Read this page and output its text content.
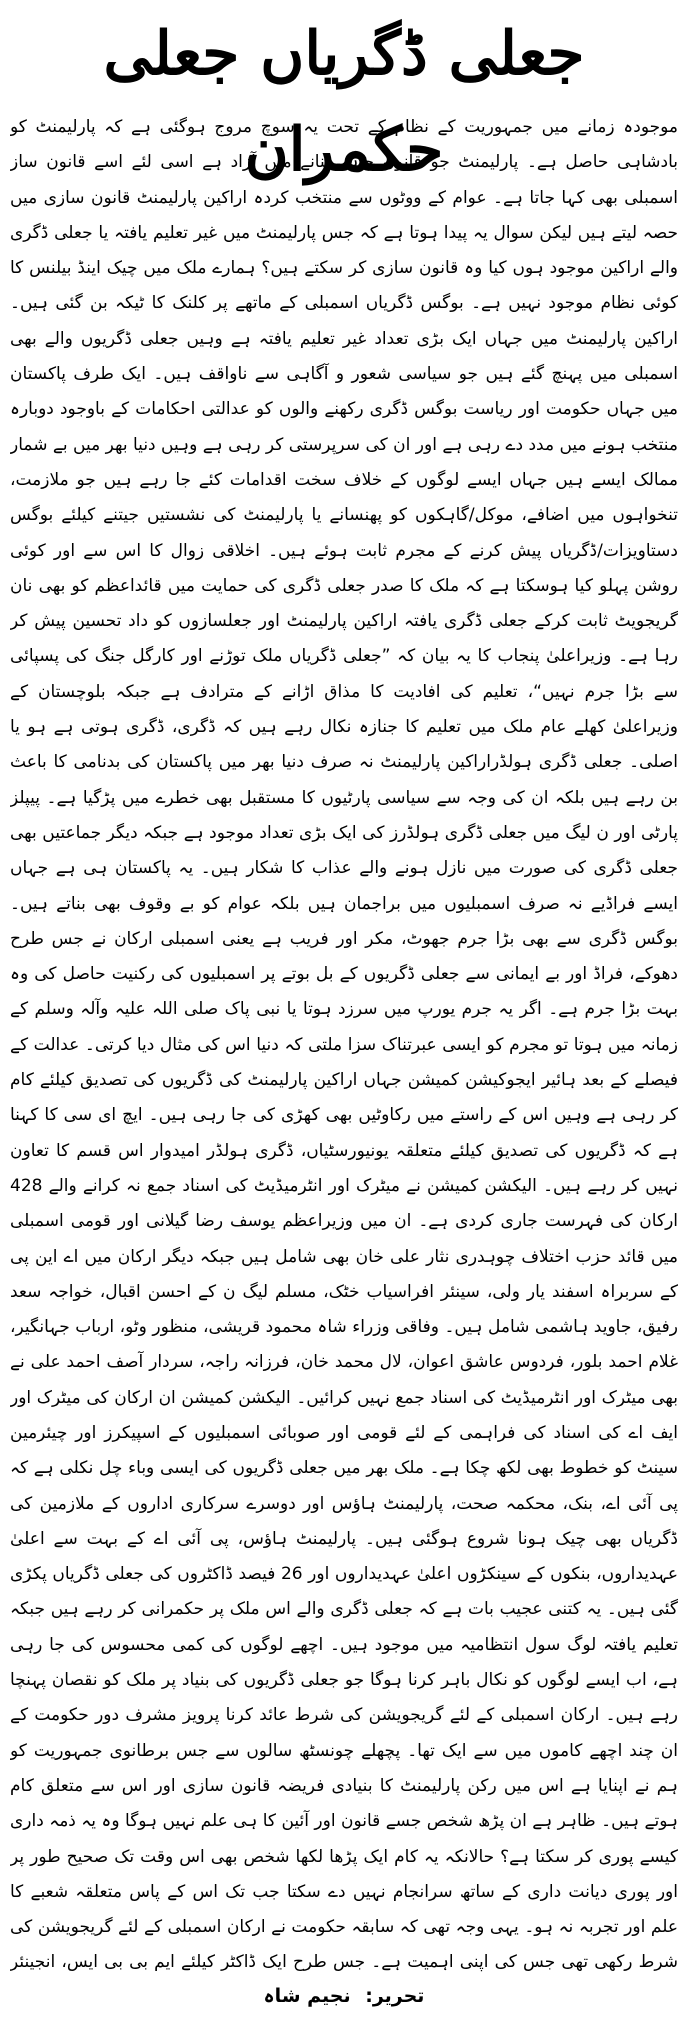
جعلی ڈگریاں جعلی حکمران	موجودہ زمانے میں جمہوریت کے نظام کے تحت یہ سوچ مروج ہوگئی ہے کہ پارلیمنٹ کو بادشاہی حاصل ہے۔ پارلیمنٹ جو قانون چاہے بنانے میں آزاد ہے اسی لئے اسے قانون ساز اسمبلی بھی کہا جاتا ہے۔ عوام کے ووٹوں سے منتخب کردہ اراکین پارلیمنٹ قانون سازی میں حصہ لیتے ہیں لیکن سوال یہ پیدا ہوتا ہے کہ جس پارلیمنٹ میں غیر تعلیم یافتہ یا جعلی ڈگری والے اراکین موجود ہوں کیا وہ قانون سازی کر سکتے ہیں؟ ہمارے ملک میں چیک اینڈ بیلنس کا کوئی نظام موجود نہیں ہے۔ بوگس ڈگریاں اسمبلی کے ماتھے پر کلنک کا ٹیکہ بن گئی ہیں۔ اراکین پارلیمنٹ میں جہاں ایک بڑی تعداد غیر تعلیم یافتہ ہے وہیں جعلی ڈگریوں والے بھی اسمبلی میں پہنچ گئے ہیں جو سیاسی شعور و آگاہی سے ناواقف ہیں۔ ایک طرف پاکستان میں جہاں حکومت اور ریاست بوگس ڈگری رکھنے والوں کو عدالتی احکامات کے باوجود دوبارہ منتخب ہونے میں مدد دے رہی ہے اور ان کی سرپرستی کر رہی ہے وہیں دنیا بھر میں بے شمار ممالک ایسے ہیں جہاں ایسے لوگوں کے خلاف سخت اقدامات کئے جا رہے ہیں جو ملازمت، تنخواہوں میں اضافے، موکل/گاہکوں کو پھنسانے یا پارلیمنٹ کی نشستیں جیتنے کیلئے بوگس دستاویزات/ڈگریاں پیش کرنے کے مجرم ثابت ہوئے ہیں۔ اخلاقی زوال کا اس سے اور کوئی روشن پہلو کیا ہوسکتا ہے کہ ملک کا صدر جعلی ڈگری کی حمایت میں قائداعظم کو بھی نان گریجویٹ ثابت کرکے جعلی ڈگری یافتہ اراکین پارلیمنٹ اور جعلسازوں کو داد تحسین پیش کر رہا ہے۔ وزیراعلیٰ پنجاب کا یہ بیان کہ ”جعلی ڈگریاں ملک توڑنے اور کارگل جنگ کی پسپائی سے بڑا جرم نہیں“، تعلیم کی افادیت کا مذاق اڑانے کے مترادف ہے جبکہ بلوچستان کے وزیراعلیٰ کھلے عام ملک میں تعلیم کا جنازہ نکال رہے ہیں کہ ڈگری، ڈگری ہوتی ہے ہو یا اصلی۔ جعلی ڈگری ہولڈراراکین پارلیمنٹ نہ صرف دنیا بھر میں پاکستان کی بدنامی کا باعث بن رہے ہیں بلکہ ان کی وجہ سے سیاسی پارٹیوں کا مستقبل بھی خطرے میں پڑگیا ہے۔ پیپلز پارٹی اور ن لیگ میں جعلی ڈگری ہولڈرز کی ایک بڑی تعداد موجود ہے جبکہ دیگر جماعتیں بھی جعلی ڈگری کی صورت میں نازل ہونے والے عذاب کا شکار ہیں۔ یہ پاکستان ہی ہے جہاں ایسے فراڈیے نہ صرف اسمبلیوں میں براجمان ہیں بلکہ عوام کو بے وقوف بھی بناتے ہیں۔ بوگس ڈگری سے بھی بڑا جرم جھوٹ، مکر اور فریب ہے یعنی اسمبلی ارکان نے جس طرح دھوکے، فراڈ اور بے ایمانی سے جعلی ڈگریوں کے بل بوتے پر اسمبلیوں کی رکنیت حاصل کی وہ بہت بڑا جرم ہے۔ اگر یہ جرم یورپ میں سرزد ہوتا یا نبی پاک صلی اللہ علیہ وآلہ وسلم کے زمانہ میں ہوتا تو مجرم کو ایسی عبرتناک سزا ملتی کہ دنیا اس کی مثال دیا کرتی۔ عدالت کے فیصلے کے بعد ہائیر ایجوکیشن کمیشن جہاں اراکین پارلیمنٹ کی ڈگریوں کی تصدیق کیلئے کام کر رہی ہے وہیں اس کے راستے میں رکاوٹیں بھی کھڑی کی جا رہی ہیں۔ ایچ ای سی کا کہنا ہے کہ ڈگریوں کی تصدیق کیلئے متعلقہ یونیورسٹیاں، ڈگری ہولڈر امیدوار اس قسم کا تعاون نہیں کر رہے ہیں۔ الیکشن کمیشن نے میٹرک اور انٹرمیڈیٹ کی اسناد جمع نہ کرانے والے 428 ارکان کی فہرست جاری کردی ہے۔ ان میں وزیراعظم یوسف رضا گیلانی اور قومی اسمبلی میں قائد حزب اختلاف چوہدری نثار علی خان بھی شامل ہیں جبکہ دیگر ارکان میں اے این پی کے سربراہ اسفند یار ولی، سینئر افراسیاب خٹک، مسلم لیگ ن کے احسن اقبال، خواجہ سعد رفیق، جاوید ہاشمی شامل ہیں۔ وفاقی وزراء شاہ محمود قریشی، منظور وٹو، ارباب جہانگیر، غلام احمد بلور، فردوس عاشق اعوان، لال محمد خان، فرزانہ راجہ، سردار آصف احمد علی نے بھی میٹرک اور انٹرمیڈیٹ کی اسناد جمع نہیں کرائیں۔ الیکشن کمیشن ان ارکان کی میٹرک اور ایف اے کی اسناد کی فراہمی کے لئے قومی اور صوبائی اسمبلیوں کے اسپیکرز اور چیئرمین سینٹ کو خطوط بھی لکھ چکا ہے۔ ملک بھر میں جعلی ڈگریوں کی ایسی وباء چل نکلی ہے کہ پی آئی اے، بنک، محکمہ صحت، پارلیمنٹ ہاؤس اور دوسرے سرکاری اداروں کے ملازمین کی ڈگریاں بھی چیک ہونا شروع ہوگئی ہیں۔ پارلیمنٹ ہاؤس، پی آئی اے کے بہت سے اعلیٰ عہدیداروں، بنکوں کے سینکڑوں اعلیٰ عہدیداروں اور 26 فیصد ڈاکٹروں کی جعلی ڈگریاں پکڑی گئی ہیں۔ یہ کتنی عجیب بات ہے کہ جعلی ڈگری والے اس ملک پر حکمرانی کر رہے ہیں جبکہ تعلیم یافتہ لوگ سول انتظامیہ میں موجود ہیں۔ اچھے لوگوں کی کمی محسوس کی جا رہی ہے، اب ایسے لوگوں کو نکال باہر کرنا ہوگا جو جعلی ڈگریوں کی بنیاد پر ملک کو نقصان پہنچا رہے ہیں۔ ارکان اسمبلی کے لئے گریجویشن کی شرط عائد کرنا پرویز مشرف دور حکومت کے ان چند اچھے کاموں میں سے ایک تھا۔ پچھلے چونسٹھ سالوں سے جس برطانوی جمہوریت کو ہم نے اپنایا ہے اس میں رکن پارلیمنٹ کا بنیادی فریضہ قانون سازی اور اس سے متعلق کام ہوتے ہیں۔ ظاہر ہے ان پڑھ شخص جسے قانون اور آئین کا ہی علم نہیں ہوگا وہ یہ ذمہ داری کیسے پوری کر سکتا ہے؟ حالانکہ یہ کام ایک پڑھا لکھا شخص بھی اس وقت تک صحیح طور پر اور پوری دیانت داری کے ساتھ سرانجام نہیں دے سکتا جب تک اس کے پاس متعلقہ شعبے کا علم اور تجربہ نہ ہو۔ یہی وجہ تھی کہ سابقہ حکومت نے ارکان اسمبلی کے لئے گریجویشن کی شرط رکھی تھی جس کی اپنی اہمیت ہے۔ جس طرح ایک ڈاکٹر کیلئے ایم بی بی ایس، انجینئر

تحریر: نجیم شاہ
